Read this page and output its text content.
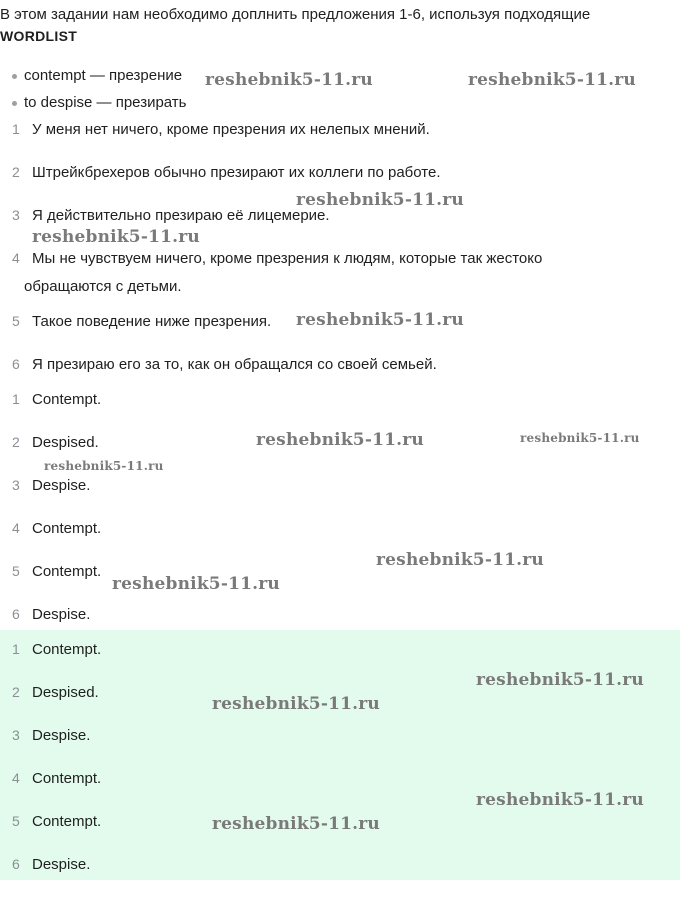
В этом задании нам необходимо доплнить предложения 1-6, используя подходящие
WORDLIST
contempt — презрение
to despise — презирать
1 У меня нет ничего, кроме презрения их нелепых мнений.
2 Штрейкбрехеров обычно презирают их коллеги по работе.
3 Я действительно презираю её лицемерие.
4 Мы не чувствуем ничего, кроме презрения к людям, которые так жестоко
обращаются с детьми.
5 Такое поведение ниже презрения.
6 Я презираю его за то, как он обращался со своей семьей.
1 Contempt.
2 Despised.
3 Despise.
4 Contempt.
5 Contempt.
6 Despise.
1 Contempt.
2 Despised.
3 Despise.
4 Contempt.
5 Contempt.
6 Despise.
reshebnik5-11.ru	reshebnik5-11.ru
reshebnik5-11.ru
reshebnik5-11.ru
reshebnik5-11.ru
reshebnik5-11.ru	reshebnik5-11.ru
reshebnik5-11.ru
reshebnik5-11.ru
reshebnik5-11.ru
reshebnik5-11.ru
reshebnik5-11.ru
reshebnik5-11.ru
reshebnik5-11.ru
